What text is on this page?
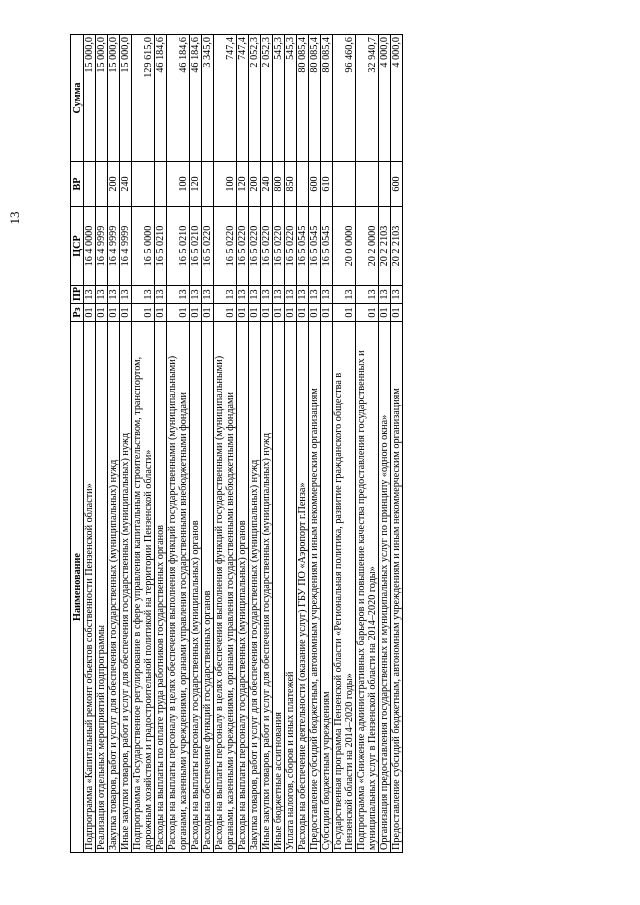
13
Наименование	Рз	ПР	ЦСР	ВР	Сумма
Подпрограмма «Капитальный ремонт объектов собственности Пензенской области»	01	13	16 4 0000		15 000,0
Реализация отдельных мероприятий подпрограммы	01	13	16 4 9999		15 000,0
Закупка товаров, работ и услуг для обеспечения государственных (муниципальных) нужд	01	13	16 4 9999	200	15 000,0
Иные закупки товаров, работ и услуг для обеспечения государственных (муниципальных) нужд	01	13	16 4 9999	240	15 000,0
Подпрограмма «Государственное регулирование в сфере управления капитальным строительством, транспортом, дорожным хозяйством и градостроительной политикой на территории Пензенской области»	01	13	16 5 0000		129 615,0
Расходы на выплаты по оплате труда работников государственных органов	01	13	16 5 0210		46 184,6
Расходы на выплаты персоналу в целях обеспечения выполнения функций государственными (муниципальными) органами, казенными учреждениями, органами управления государственными внебюджетными фондами	01	13	16 5 0210	100	46 184,6
Расходы на выплаты персоналу государственных (муниципальных) органов	01	13	16 5 0210	120	46 184,6
Расходы на обеспечение функций государственных органов	01	13	16 5 0220		3 345,0
Расходы на выплаты персоналу в целях обеспечения выполнения функций государственными (муниципальными) органами, казенными учреждениями, органами управления государственными внебюджетными фондами	01	13	16 5 0220	100	747,4
Расходы на выплаты персоналу государственных (муниципальных) органов	01	13	16 5 0220	120	747,4
Закупка товаров, работ и услуг для обеспечения государственных (муниципальных) нужд	01	13	16 5 0220	200	2 052,3
Иные закупки товаров, работ и услуг для обеспечения государственных (муниципальных) нужд	01	13	16 5 0220	240	2 052,3
Иные бюджетные ассигнования	01	13	16 5 0220	800	545,3
Уплата налогов, сборов и иных платежей	01	13	16 5 0220	850	545,3
Расходы на обеспечение деятельности (оказание услуг) ГБУ ПО «Аэропорт г.Пенза»	01	13	16 5 0545		80 085,4
Предоставление субсидий бюджетным, автономным учреждениям и иным некоммерческим организациям	01	13	16 5 0545	600	80 085,4
Субсидии бюджетным учреждениям	01	13	16 5 0545	610	80 085,4
Государственная программа Пензенской области «Региональная политика, развитие гражданского общества в Пензенской области на 2014–2020 годы»	01	13	20 0 0000		96 460,6
Подпрограмма «Снижение административных барьеров и повышение качества предоставления государственных и муниципальных услуг в Пензенской области на 2014–2020 годы»	01	13	20 2 0000		32 940,7
Организация предоставления государственных и муниципальных услуг по принципу «одного окна»	01	13	20 2 2103		4 000,0
Предоставление субсидий бюджетным, автономным учреждениям и иным некоммерческим организациям	01	13	20 2 2103	600	4 000,0
